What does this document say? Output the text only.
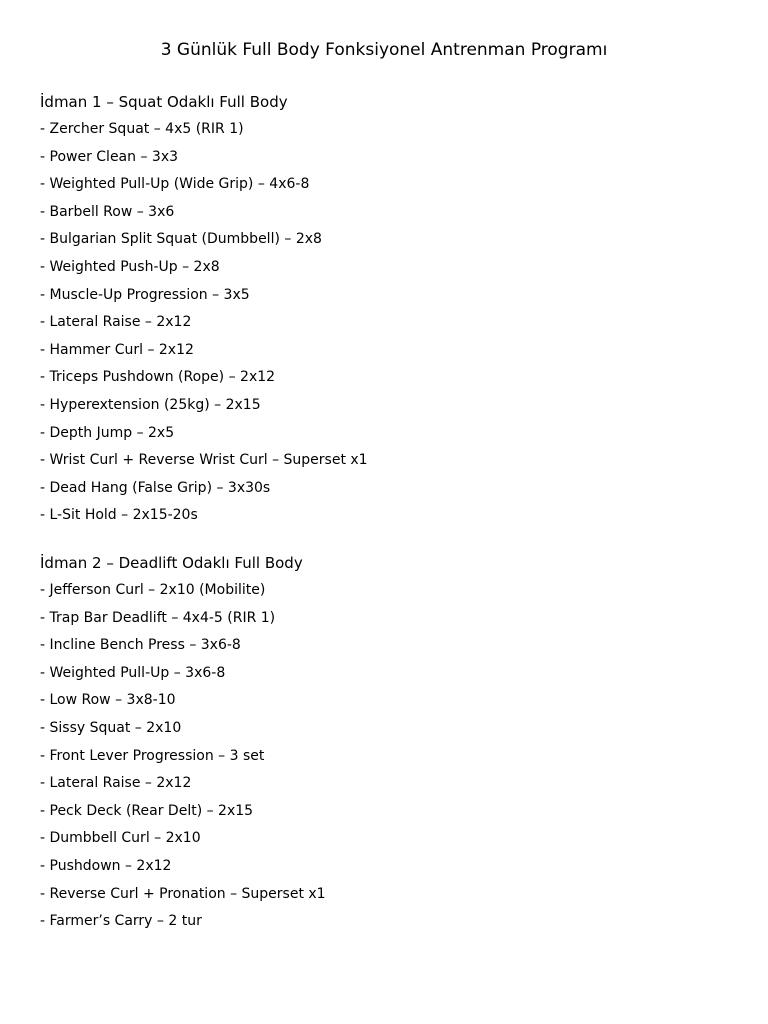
3 Günlük Full Body Fonksiyonel Antrenman Programı
İdman 1 – Squat Odaklı Full Body
- Zercher Squat – 4x5 (RIR 1)
- Power Clean – 3x3
- Weighted Pull-Up (Wide Grip) – 4x6-8
- Barbell Row – 3x6
- Bulgarian Split Squat (Dumbbell) – 2x8
- Weighted Push-Up – 2x8
- Muscle-Up Progression – 3x5
- Lateral Raise – 2x12
- Hammer Curl – 2x12
- Triceps Pushdown (Rope) – 2x12
- Hyperextension (25kg) – 2x15
- Depth Jump – 2x5
- Wrist Curl + Reverse Wrist Curl – Superset x1
- Dead Hang (False Grip) – 3x30s
- L-Sit Hold – 2x15-20s
İdman 2 – Deadlift Odaklı Full Body
- Jefferson Curl – 2x10 (Mobilite)
- Trap Bar Deadlift – 4x4-5 (RIR 1)
- Incline Bench Press – 3x6-8
- Weighted Pull-Up – 3x6-8
- Low Row – 3x8-10
- Sissy Squat – 2x10
- Front Lever Progression – 3 set
- Lateral Raise – 2x12
- Peck Deck (Rear Delt) – 2x15
- Dumbbell Curl – 2x10
- Pushdown – 2x12
- Reverse Curl + Pronation – Superset x1
- Farmer’s Carry – 2 tur
